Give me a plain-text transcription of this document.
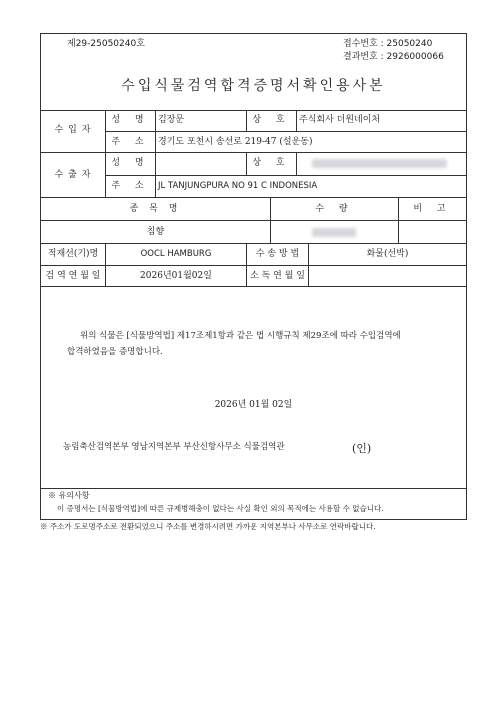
제29-25050240호	접수번호 : 25050240
결과번호 : 2926000066
수입식물검역합격증명서확인용사본
수 입 자
성 명 김장문	상 호 주식회사 더원네이처
주 소 경기도 포천시 송선로 219-47 (설운동)
수 출 자
성 명	상 호
주 소 JL TANJUNGPURA NO 91 C INDONESIA
종 목 명	수 량	비 고
침향
적재선(기)명	OOCL HAMBURG	수 송 방 법	화물(선박)
검 역 연 월 일	2026년01월02일	소 독 연 월 일
위의 식물은 [식물방역법] 제17조제1항과 같은 법 시행규칙 제29조에 따라 수입검역에
합격하였음을 증명합니다.
2026년 01월 02일
농림축산검역본부 영남지역본부 부산신항사무소 식물검역관	(인)
※ 유의사항
이 증명서는 [식물방역법]에 따른 규제병해충이 없다는 사실 확인 외의 목적에는 사용할 수 없습니다.
※ 주소가 도로명주소로 전환되었으니 주소를 변경하시려면 가까운 지역본부나 사무소로 연락바랍니다.
